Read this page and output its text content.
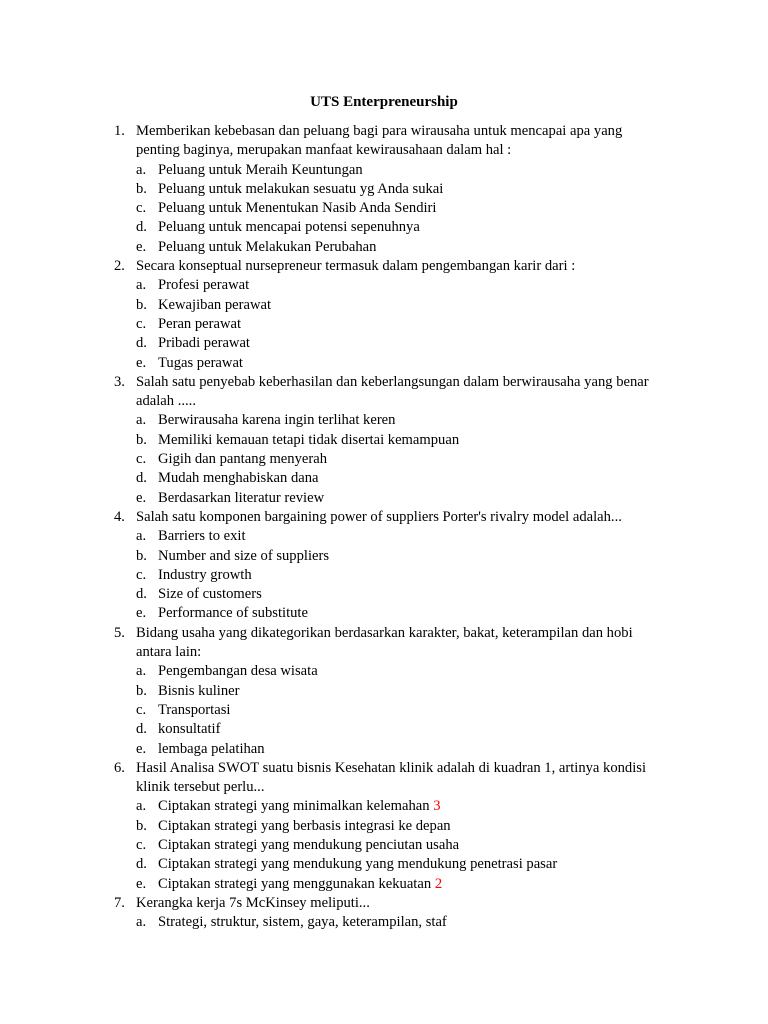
UTS Enterpreneurship
1. Memberikan kebebasan dan peluang bagi para wirausaha untuk mencapai apa yang penting baginya, merupakan manfaat kewirausahaan dalam hal :
a. Peluang untuk Meraih Keuntungan
b. Peluang untuk melakukan sesuatu yg Anda sukai
c. Peluang untuk Menentukan Nasib Anda Sendiri
d. Peluang untuk mencapai potensi sepenuhnya
e. Peluang untuk Melakukan Perubahan
2. Secara konseptual nursepreneur termasuk dalam pengembangan karir dari :
a. Profesi perawat
b. Kewajiban perawat
c. Peran perawat
d. Pribadi perawat
e. Tugas perawat
3. Salah satu penyebab keberhasilan dan keberlangsungan dalam berwirausaha yang benar adalah .....
a. Berwirausaha karena ingin terlihat keren
b. Memiliki kemauan tetapi tidak disertai kemampuan
c. Gigih dan pantang menyerah
d. Mudah menghabiskan dana
e. Berdasarkan literatur review
4. Salah satu komponen bargaining power of suppliers Porter's rivalry model adalah...
a. Barriers to exit
b. Number and size of suppliers
c. Industry growth
d. Size of customers
e. Performance of substitute
5. Bidang usaha yang dikategorikan berdasarkan karakter, bakat, keterampilan dan hobi antara lain:
a. Pengembangan desa wisata
b. Bisnis kuliner
c. Transportasi
d. konsultatif
e. lembaga pelatihan
6. Hasil Analisa SWOT suatu bisnis Kesehatan klinik adalah di kuadran 1, artinya kondisi klinik tersebut perlu...
a. Ciptakan strategi yang minimalkan kelemahan 3
b. Ciptakan strategi yang berbasis integrasi ke depan
c. Ciptakan strategi yang mendukung penciutan usaha
d. Ciptakan strategi yang mendukung yang mendukung penetrasi pasar
e. Ciptakan strategi yang menggunakan kekuatan 2
7. Kerangka kerja 7s McKinsey meliputi...
a. Strategi, struktur, sistem, gaya, keterampilan, staf
